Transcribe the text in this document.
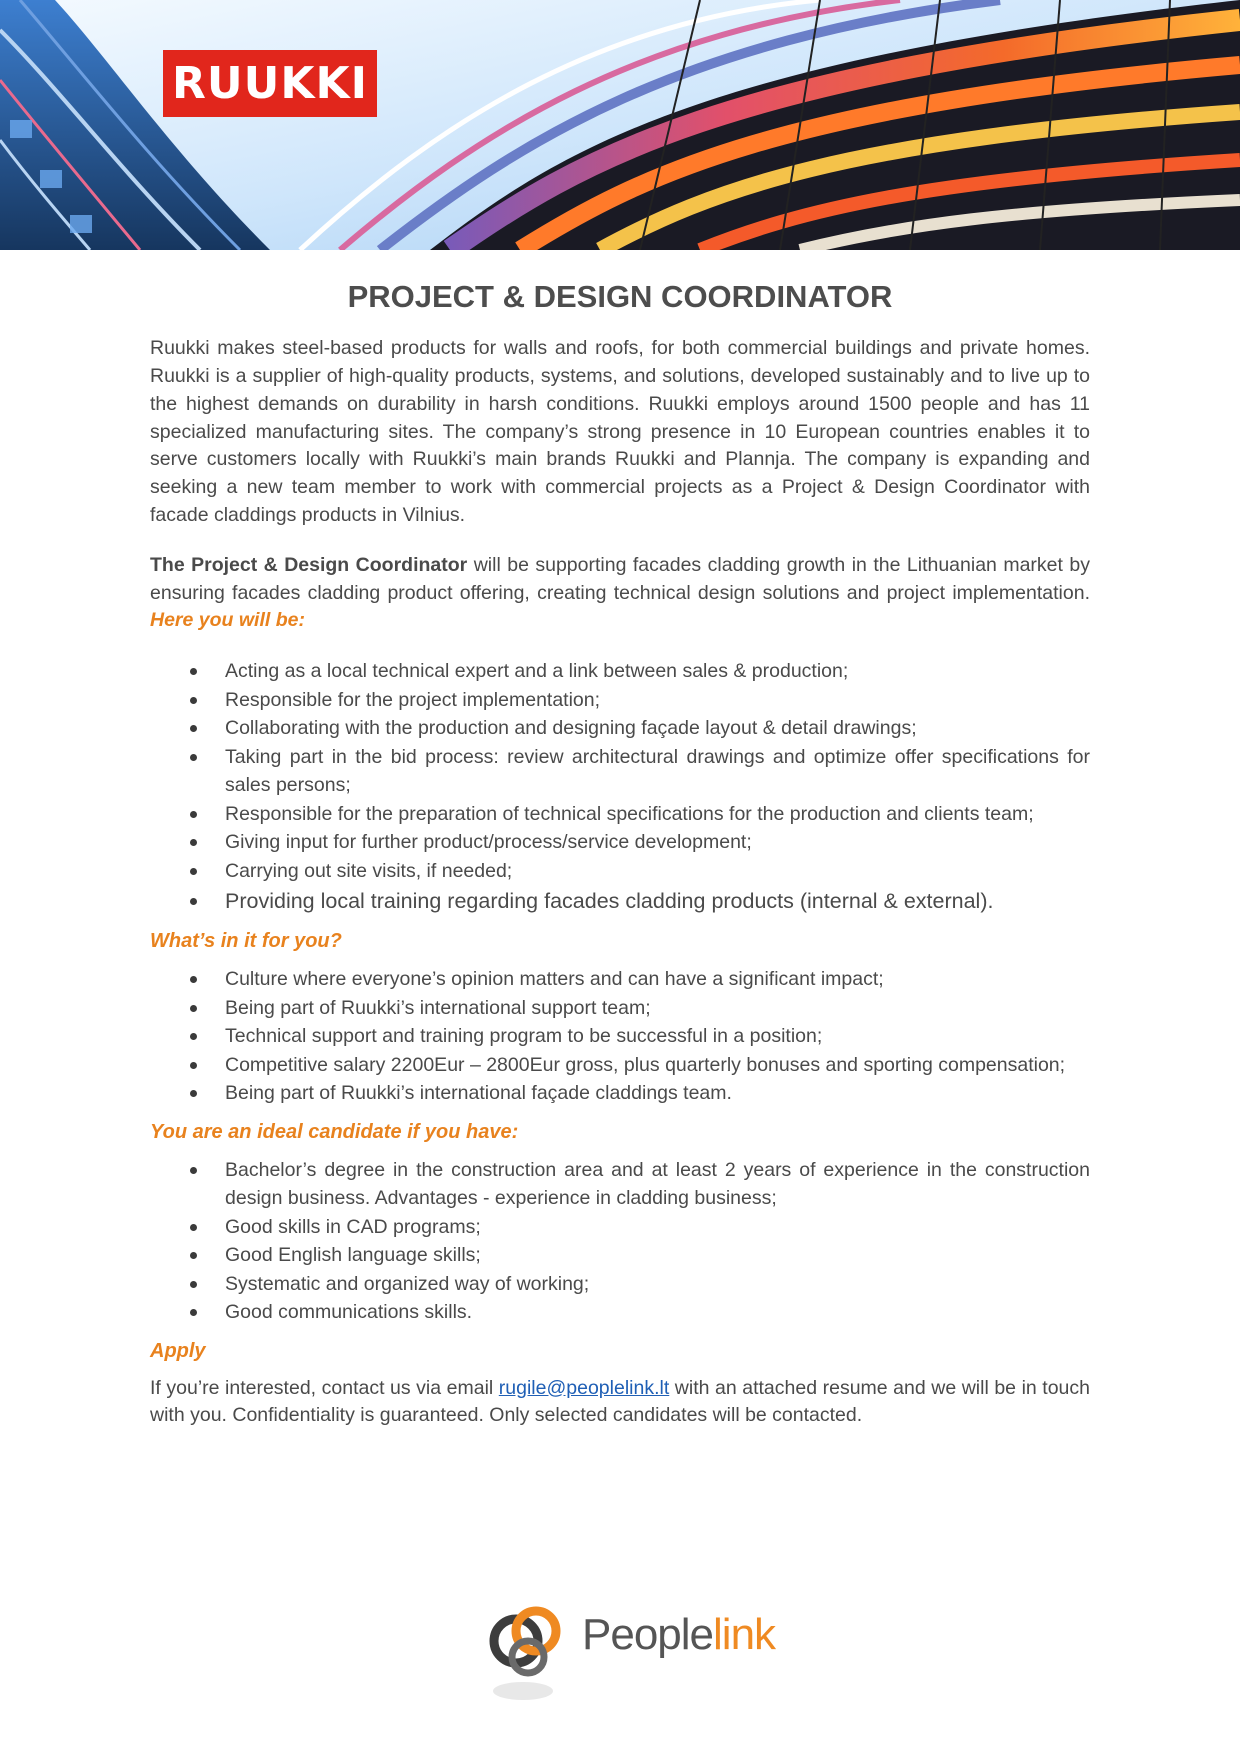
RUUKKI
PROJECT & DESIGN COORDINATOR

Ruukki makes steel-based products for walls and roofs, for both commercial buildings and private homes. Ruukki is a supplier of high-quality products, systems, and solutions, developed sustainably and to live up to the highest demands on durability in harsh conditions. Ruukki employs around 1500 people and has 11 specialized manufacturing sites. The company’s strong presence in 10 European countries enables it to serve customers locally with Ruukki’s main brands Ruukki and Plannja. The company is expanding and seeking a new team member to work with commercial projects as a Project & Design Coordinator with facade claddings products in Vilnius.

The Project & Design Coordinator will be supporting facades cladding growth in the Lithuanian market by ensuring facades cladding product offering, creating technical design solutions and project implementation. Here you will be:

Acting as a local technical expert and a link between sales & production;
Responsible for the project implementation;
Collaborating with the production and designing façade layout & detail drawings;
Taking part in the bid process: review architectural drawings and optimize offer specifications for sales persons;
Responsible for the preparation of technical specifications for the production and clients team;
Giving input for further product/process/service development;
Carrying out site visits, if needed;
Providing local training regarding facades cladding products (internal & external).
What’s in it for you?
Culture where everyone’s opinion matters and can have a significant impact;
Being part of Ruukki’s international support team;
Technical support and training program to be successful in a position;
Competitive salary 2200Eur – 2800Eur gross, plus quarterly bonuses and sporting compensation;
Being part of Ruukki’s international façade claddings team.
You are an ideal candidate if you have:
Bachelor’s degree in the construction area and at least 2 years of experience in the construction design business. Advantages - experience in cladding business;
Good skills in CAD programs;
Good English language skills;
Systematic and organized way of working;
Good communications skills.
Apply

If you’re interested, contact us via email rugile@peoplelink.lt with an attached resume and we will be in touch with you. Confidentiality is guaranteed. Only selected candidates will be contacted.

Peoplelink
